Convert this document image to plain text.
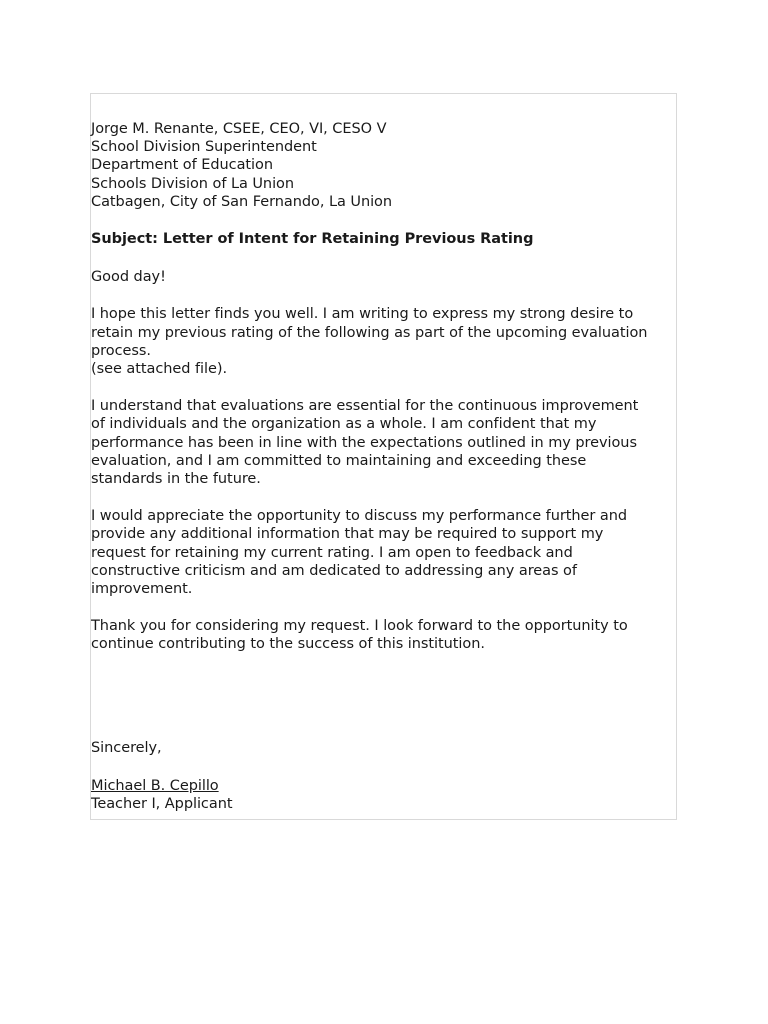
Jorge M. Renante, CSEE, CEO, VI, CESO V
School Division Superintendent
Department of Education
Schools Division of La Union
Catbagen, City of San Fernando, La Union
Subject: Letter of Intent for Retaining Previous Rating
Good day!
I hope this letter finds you well. I am writing to express my strong desire to
retain my previous rating of the following as part of the upcoming evaluation
process.
(see attached file).
I understand that evaluations are essential for the continuous improvement
of individuals and the organization as a whole. I am confident that my
performance has been in line with the expectations outlined in my previous
evaluation, and I am committed to maintaining and exceeding these
standards in the future.
I would appreciate the opportunity to discuss my performance further and
provide any additional information that may be required to support my
request for retaining my current rating. I am open to feedback and
constructive criticism and am dedicated to addressing any areas of
improvement.
Thank you for considering my request. I look forward to the opportunity to
continue contributing to the success of this institution.
Sincerely,
Michael B. Cepillo
Teacher I, Applicant
